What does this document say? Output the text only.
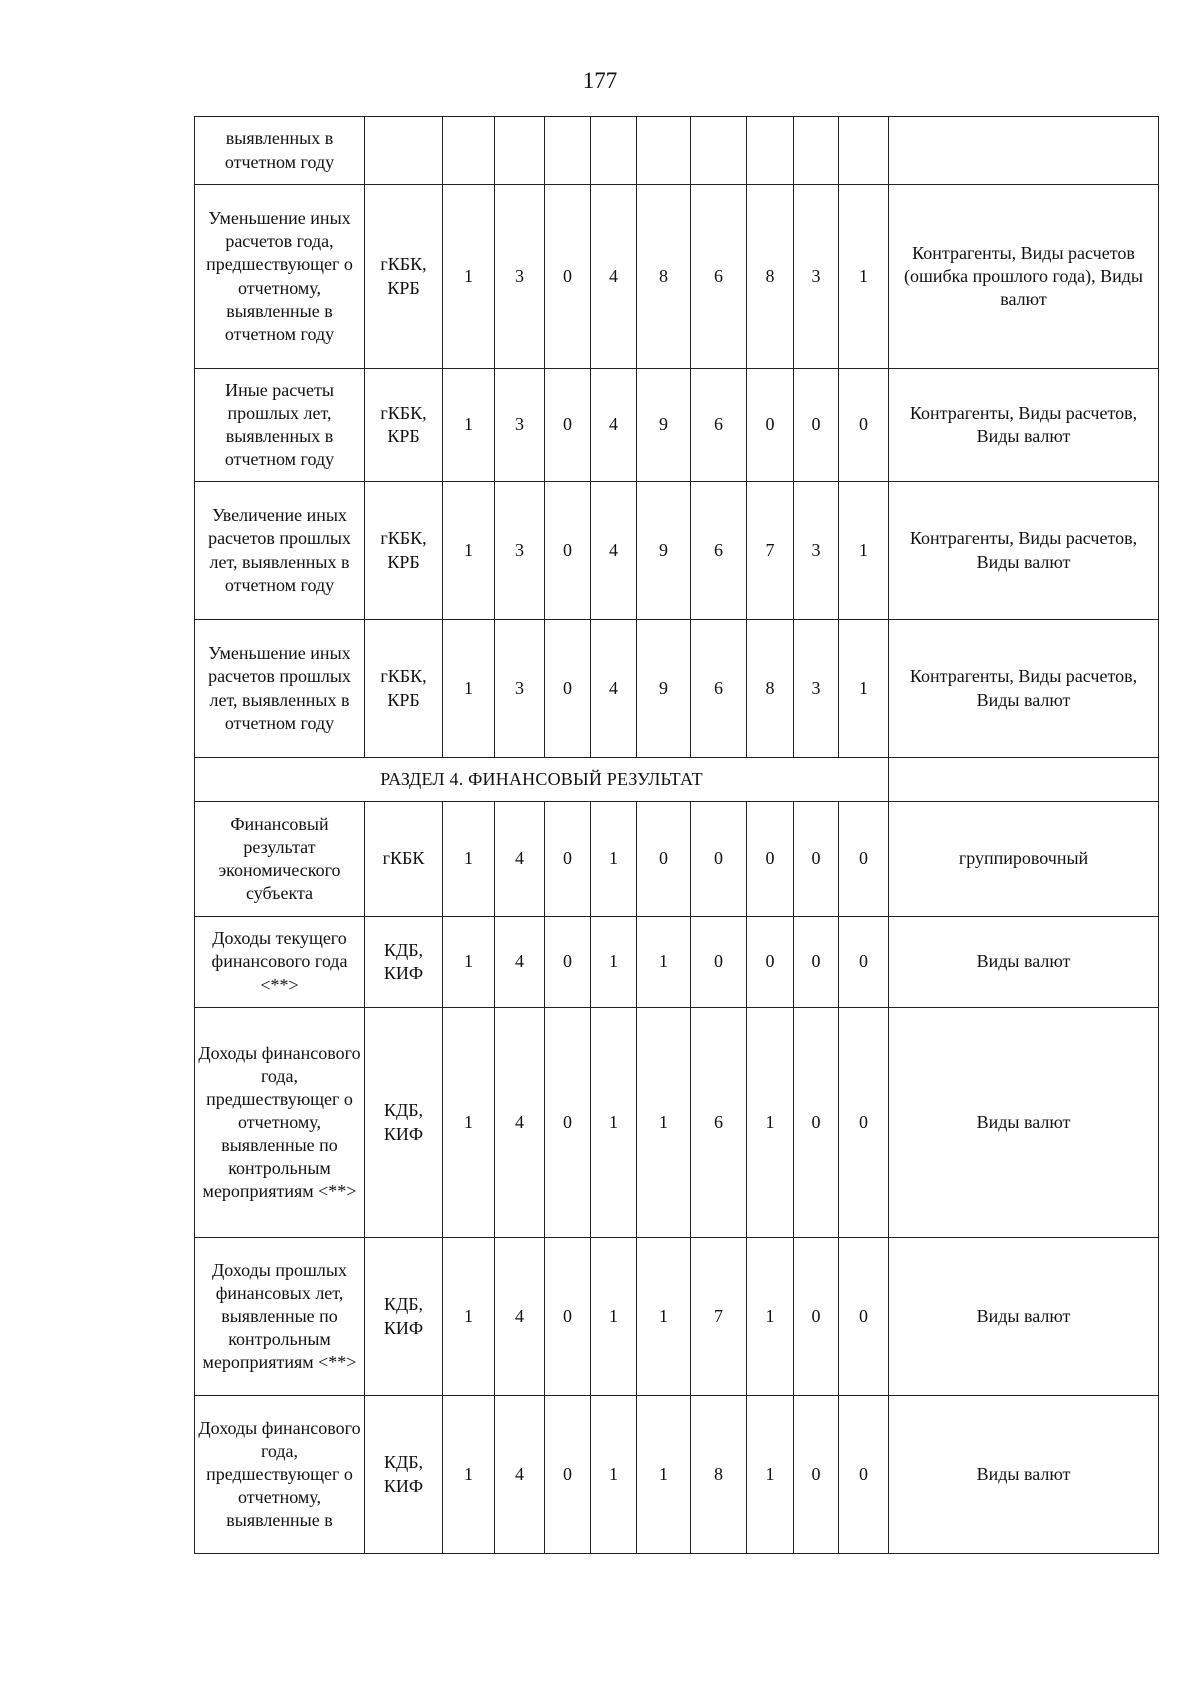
177
выявленных в отчетном году											
Уменьшение иных расчетов года, предшествующег о отчетному, выявленные в отчетном году	гКБК, КРБ	1	3	0	4	8	6	8	3	1	Контрагенты, Виды расчетов (ошибка прошлого года), Виды валют
Иные расчеты прошлых лет, выявленных в отчетном году	гКБК, КРБ	1	3	0	4	9	6	0	0	0	Контрагенты, Виды расчетов, Виды валют
Увеличение иных расчетов прошлых лет, выявленных в отчетном году	гКБК, КРБ	1	3	0	4	9	6	7	3	1	Контрагенты, Виды расчетов, Виды валют
Уменьшение иных расчетов прошлых лет, выявленных в отчетном году	гКБК, КРБ	1	3	0	4	9	6	8	3	1	Контрагенты, Виды расчетов, Виды валют
РАЗДЕЛ 4. ФИНАНСОВЫЙ РЕЗУЛЬТАТ											
Финансовый результат экономического субъекта	гКБК	1	4	0	1	0	0	0	0	0	группировочный
Доходы текущего финансового года <**>	КДБ, КИФ	1	4	0	1	1	0	0	0	0	Виды валют
Доходы финансового года, предшествующег о отчетному, выявленные по контрольным мероприятиям <**>	КДБ, КИФ	1	4	0	1	1	6	1	0	0	Виды валют
Доходы прошлых финансовых лет, выявленные по контрольным мероприятиям <**>	КДБ, КИФ	1	4	0	1	1	7	1	0	0	Виды валют
Доходы финансового года, предшествующег о отчетному, выявленные в	КДБ, КИФ	1	4	0	1	1	8	1	0	0	Виды валют
